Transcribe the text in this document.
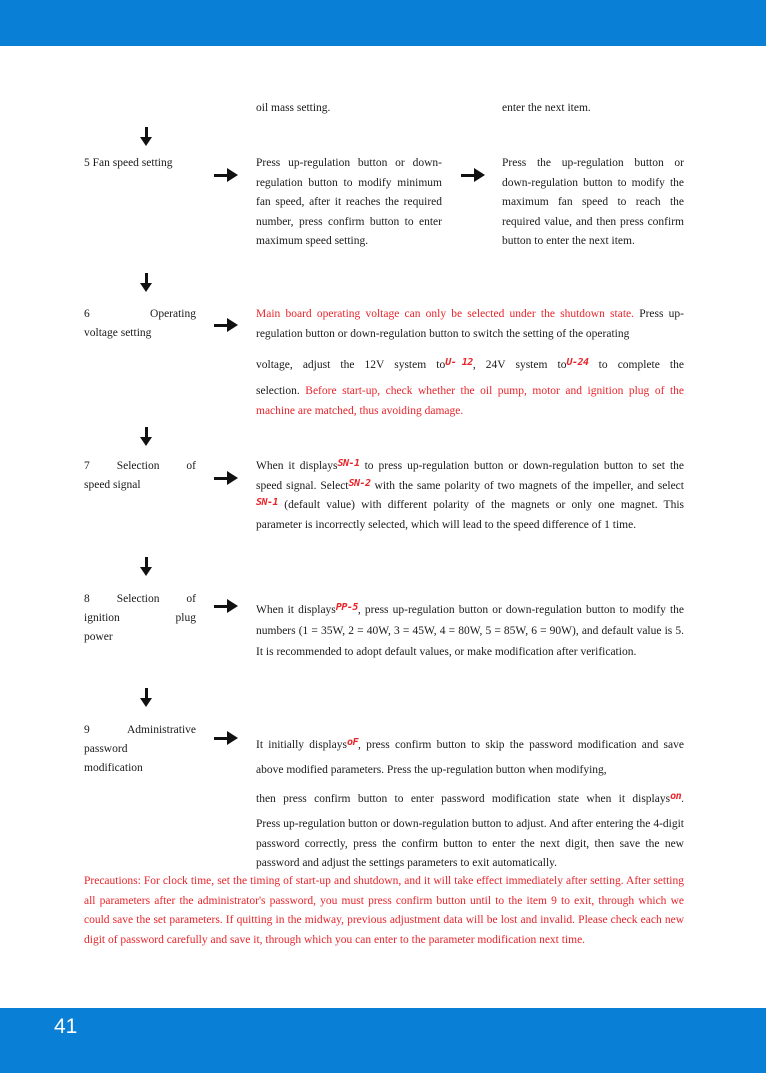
oil mass setting.	enter the next item.

5 Fan speed setting	Press up-regulation button or down-regulation button to modify minimum fan speed, after it reaches the required number, press confirm button to enter maximum speed setting.

Press the up-regulation button or down-regulation button to modify the maximum fan speed to reach the required value, and then press confirm button to enter the next item.

6 Operating

voltage setting

Main board operating voltage can only be selected under the shutdown state. Press up-regulation button or down-regulation button to switch the setting of the operating

voltage, adjust the 12V system toU- 12, 24V system toU-24 to complete the

selection. Before start-up, check whether the oil pump, motor and ignition plug of the machine are matched, thus avoiding damage.

7 Selection of

speed signal

When it displaysSN-1 to press up-regulation button or down-regulation button to set the speed signal. SelectSN-2 with the same polarity of two magnets of the impeller, and selectSN-1 (default value) with different polarity of the magnets or only one magnet. This parameter is incorrectly selected, which will lead to the speed difference of 1 time.

8 Selection of

ignition plug

power

When it displaysPP-5, press up-regulation button or down-regulation button to modify the numbers (1 = 35W, 2 = 40W, 3 = 45W, 4 = 80W, 5 = 85W, 6 = 90W), and default value is 5. It is recommended to adopt default values, or make modification after verification.

9 Administrative

password

modification

It initially displaysoF, press confirm button to skip the password modification and save above modified parameters. Press the up-regulation button when modifying,

then press confirm button to enter password modification state when it displayson.

Press up-regulation button or down-regulation button to adjust. And after entering the 4-digit password correctly, press the confirm button to enter the next digit, then save the new password and adjust the settings parameters to exit automatically.

Precautions: For clock time, set the timing of start-up and shutdown, and it will take effect immediately after setting. After setting all parameters after the administrator's password, you must press confirm button until to the item 9 to exit, through which we could save the set parameters. If quitting in the midway, previous adjustment data will be lost and invalid. Please check each new digit of password carefully and save it, through which you can enter to the parameter modification next time.

41
